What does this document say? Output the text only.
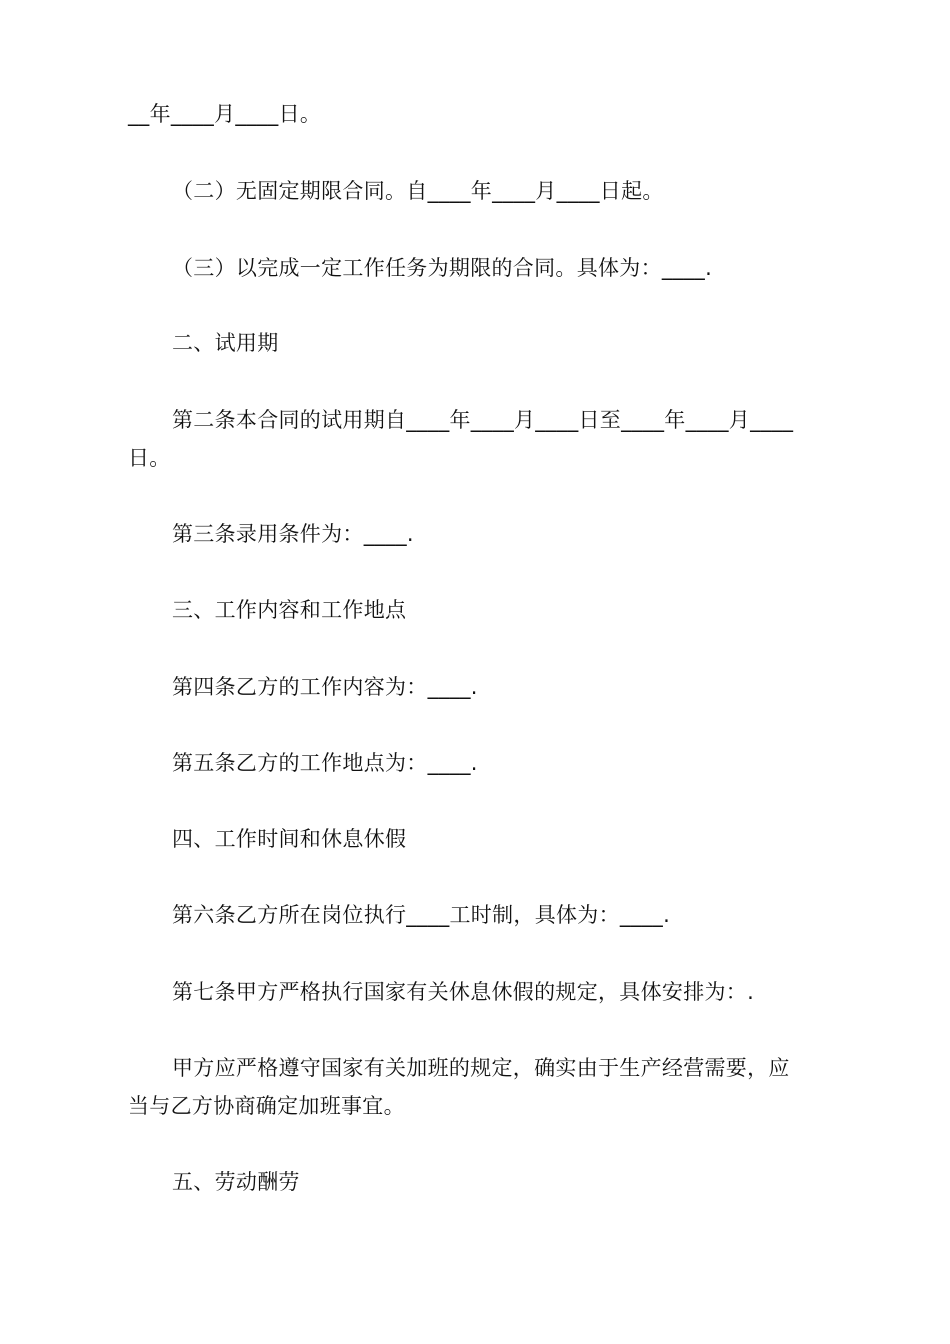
__年____月____日。
（二）无固定期限合同。自____年____月____日起。
（三）以完成一定工作任务为期限的合同。具体为：____.
二、试用期
第二条本合同的试用期自____年____月____日至____年____月____
日。
第三条录用条件为：____.
三、工作内容和工作地点
第四条乙方的工作内容为：____.
第五条乙方的工作地点为：____.
四、工作时间和休息休假
第六条乙方所在岗位执行____工时制，具体为：____.
第七条甲方严格执行国家有关休息休假的规定，具体安排为：.
甲方应严格遵守国家有关加班的规定，确实由于生产经营需要，应
当与乙方协商确定加班事宜。
五、劳动酬劳
